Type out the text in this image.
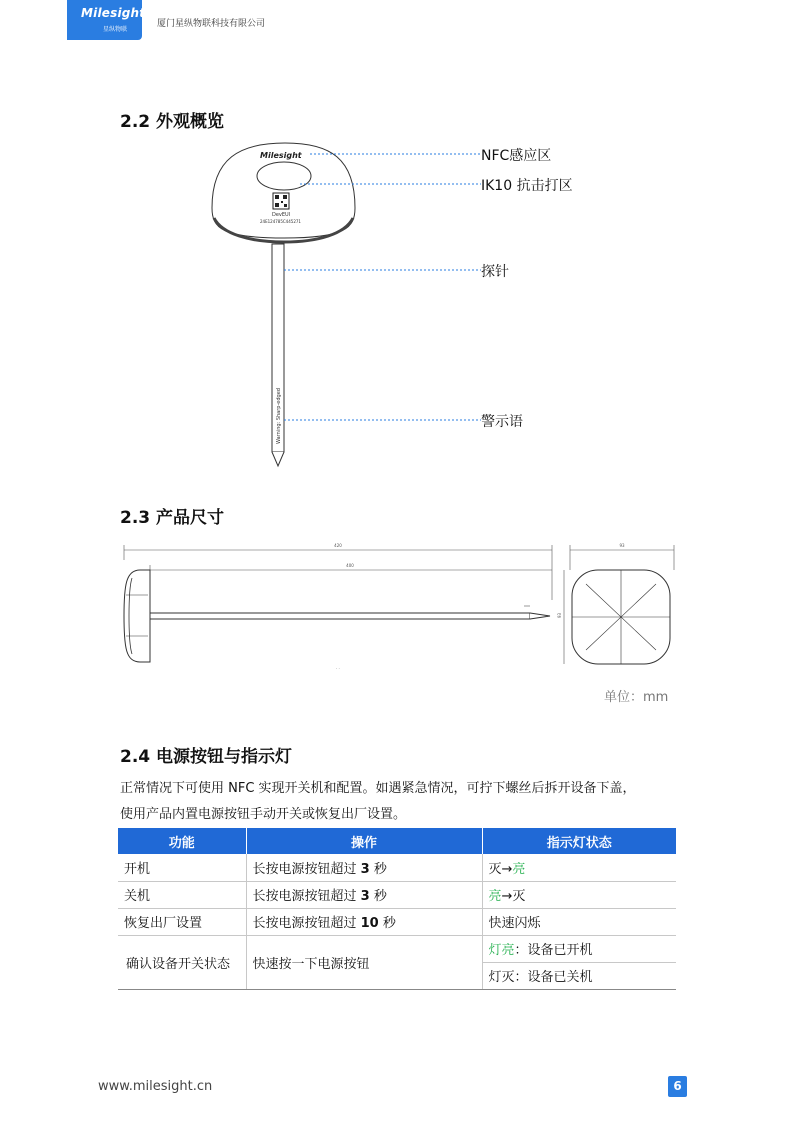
Milesight
星纵物联
厦门星纵物联科技有限公司
2.2 外观概览
Milesight
DevEUI
24E124785C445271
Warning: Sharp-edged
NFC感应区
IK10 抗击打区
探针
警示语
2.3 产品尺寸
420
400
· ·
93
93
单位：mm
2.4 电源按钮与指示灯
正常情况下可使用 NFC 实现开关机和配置。如遇紧急情况，可拧下螺丝后拆开设备下盖，
使用产品内置电源按钮手动开关或恢复出厂设置。
功能	操作	指示灯状态
开机	长按电源按钮超过 3 秒	灭→亮
关机	长按电源按钮超过 3 秒	亮→灭
恢复出厂设置	长按电源按钮超过 10 秒	快速闪烁
确认设备开关状态	快速按一下电源按钮	灯亮：设备已开机
		灯灭：设备已关机
www.milesight.cn	6
